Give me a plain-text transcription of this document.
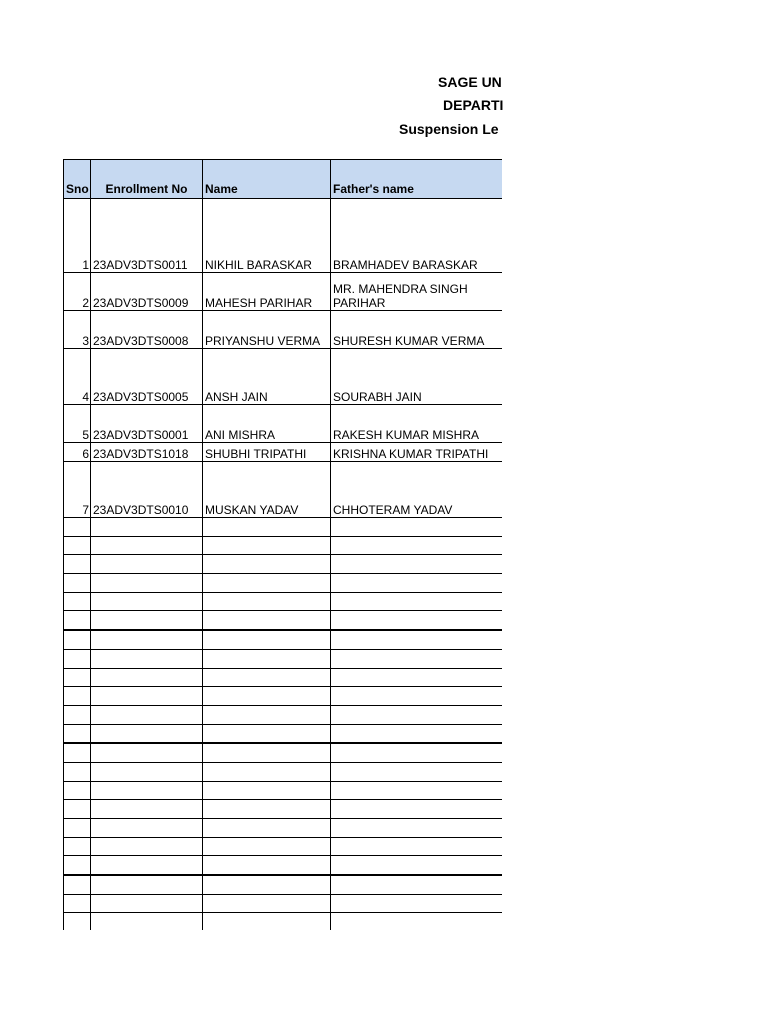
SAGE UN
DEPARTI
Suspension Le
Sno	Enrollment No	Name	Father's name
1	23ADV3DTS0011	NIKHIL BARASKAR	BRAMHADEV BARASKAR
2	23ADV3DTS0009	MAHESH PARIHAR	MR. MAHENDRA SINGH
PARIHAR

3	23ADV3DTS0008	PRIYANSHU VERMA	SHURESH KUMAR VERMA
4	23ADV3DTS0005	ANSH JAIN	SOURABH JAIN
5	23ADV3DTS0001	ANI MISHRA	RAKESH KUMAR MISHRA
6	23ADV3DTS1018	SHUBHI TRIPATHI	KRISHNA KUMAR TRIPATHI
7	23ADV3DTS0010	MUSKAN YADAV	CHHOTERAM YADAV
